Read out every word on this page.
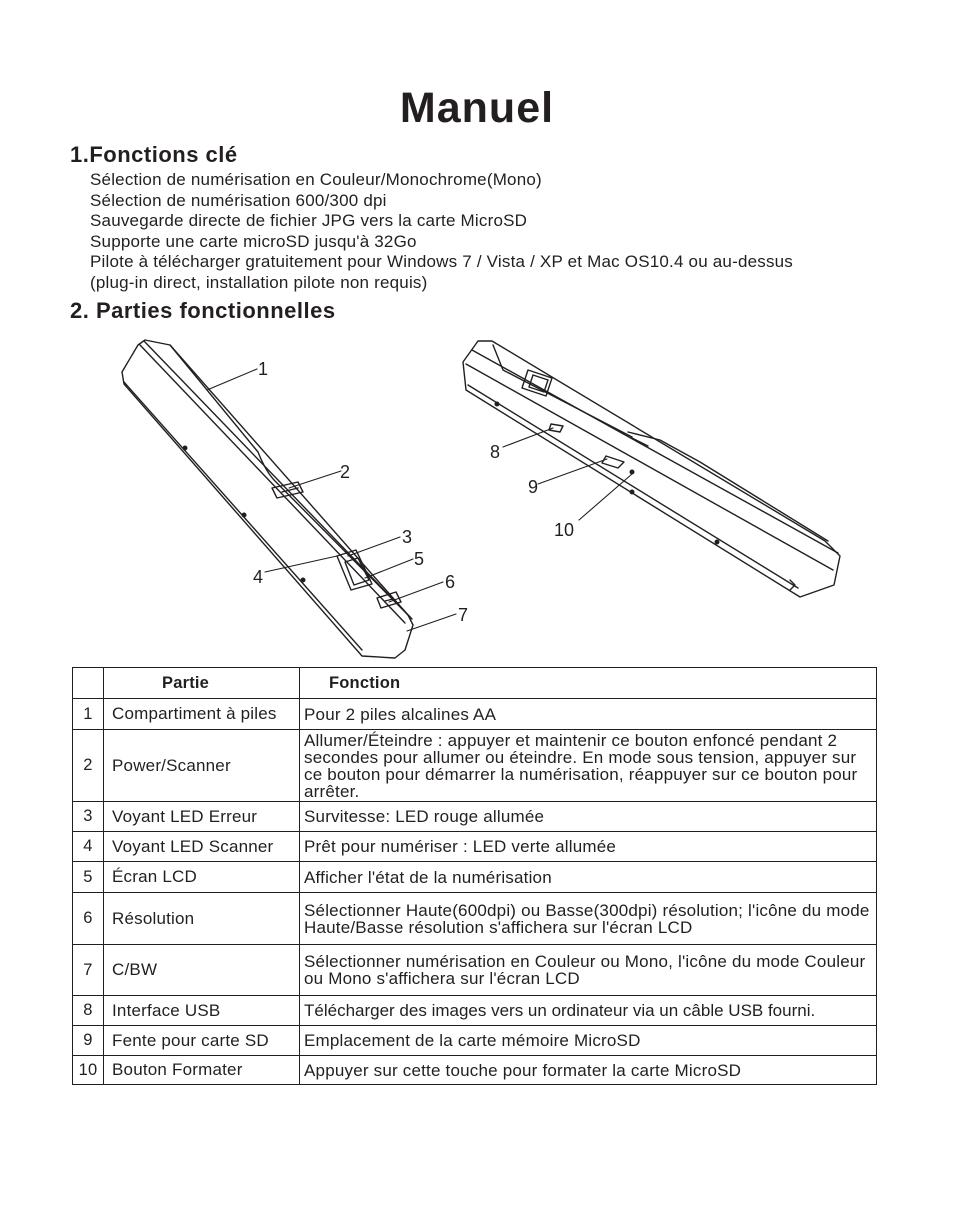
Manuel
1.Fonctions clé
Sélection de numérisation en Couleur/Monochrome(Mono)
Sélection de numérisation 600/300 dpi
Sauvegarde directe de fichier JPG vers la carte MicroSD
Supporte une carte microSD jusqu'à 32Go
Pilote à télécharger gratuitement pour Windows 7 / Vista / XP et Mac OS10.4 ou au-dessus
(plug-in direct, installation pilote non requis)
2. Parties fonctionnelles
1
2
3
4
5
6
7
8
9
10
	Partie	Fonction
1	Compartiment à piles	Pour 2 piles alcalines AA
2	Power/Scanner	Allumer/Éteindre : appuyer et maintenir ce bouton enfoncé pendant 2 secondes pour allumer ou éteindre. En mode sous tension, appuyer sur ce bouton pour démarrer la numérisation, réappuyer sur ce bouton pour arrêter.
3	Voyant LED Erreur	Survitesse: LED rouge allumée
4	Voyant LED Scanner	Prêt pour numériser : LED verte allumée
5	Écran LCD	Afficher l'état de la numérisation
6	Résolution	Sélectionner Haute(600dpi) ou Basse(300dpi) résolution; l'icône du mode Haute/Basse résolution s'affichera sur l'écran LCD
7	C/BW	Sélectionner numérisation en Couleur ou Mono, l'icône du mode Couleur ou Mono s'affichera sur l'écran LCD
8	Interface USB	Télécharger des images vers un ordinateur via un câble USB fourni.
9	Fente pour carte SD	Emplacement de la carte mémoire MicroSD
10	Bouton Formater	Appuyer sur cette touche pour formater la carte MicroSD
